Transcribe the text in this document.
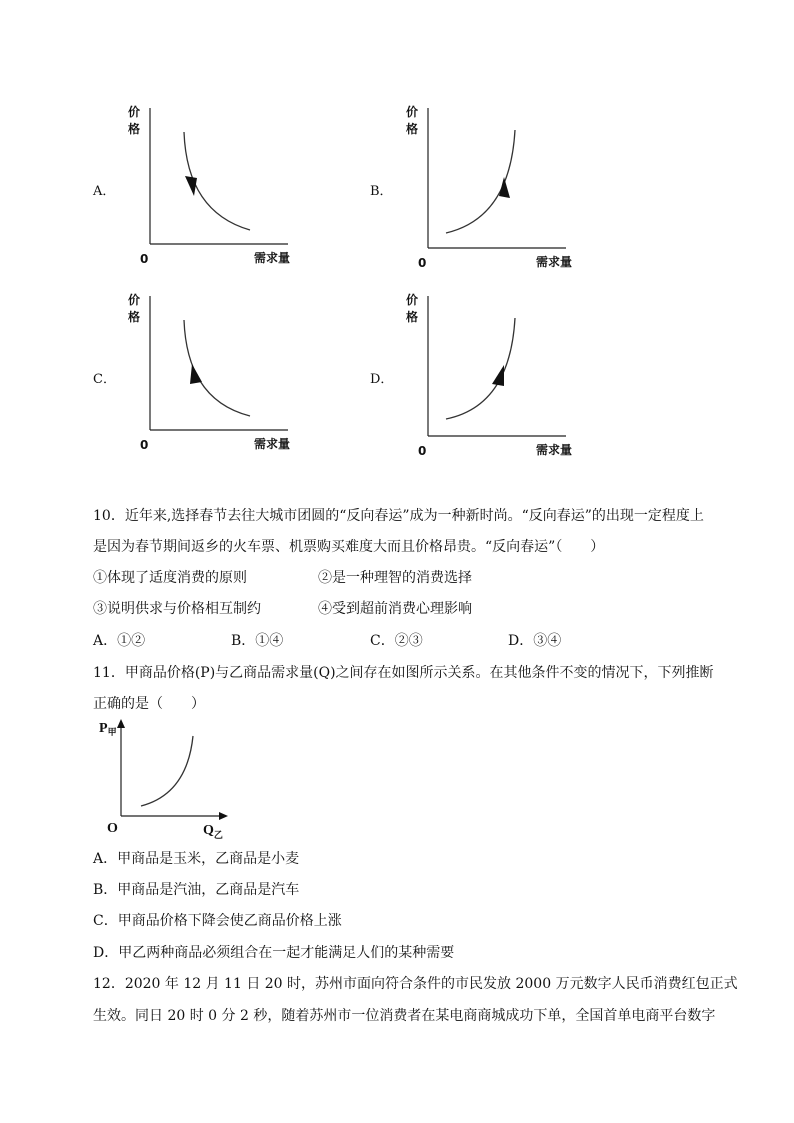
A．
价
格
0	需求量
B．
价
格
0	需求量
C．
价
格
0	需求量
D．
价
格
0	需求量
10．近年来,选择春节去往大城市团圆的“反向春运”成为一种新时尚。“反向春运”的出现一定程度上
是因为春节期间返乡的火车票、机票购买难度大而且价格昂贵。“反向春运”（　　）
①体现了适度消费的原则	②是一种理智的消费选择
③说明供求与价格相互制约	④受到超前消费心理影响
A．①②	B．①④	C．②③	D．③④
11．甲商品价格(P)与乙商品需求量(Q)之间存在如图所示关系。在其他条件不变的情况下，下列推断
正确的是（　　）
$P_甲$
O	$Q_乙$
A．甲商品是玉米，乙商品是小麦
B．甲商品是汽油，乙商品是汽车
C．甲商品价格下降会使乙商品价格上涨
D．甲乙两种商品必须组合在一起才能满足人们的某种需要
12．2020 年 12 月 11 日 20 时，苏州市面向符合条件的市民发放 2000 万元数字人民币消费红包正式
生效。同日 20 时 0 分 2 秒，随着苏州市一位消费者在某电商商城成功下单，全国首单电商平台数字
